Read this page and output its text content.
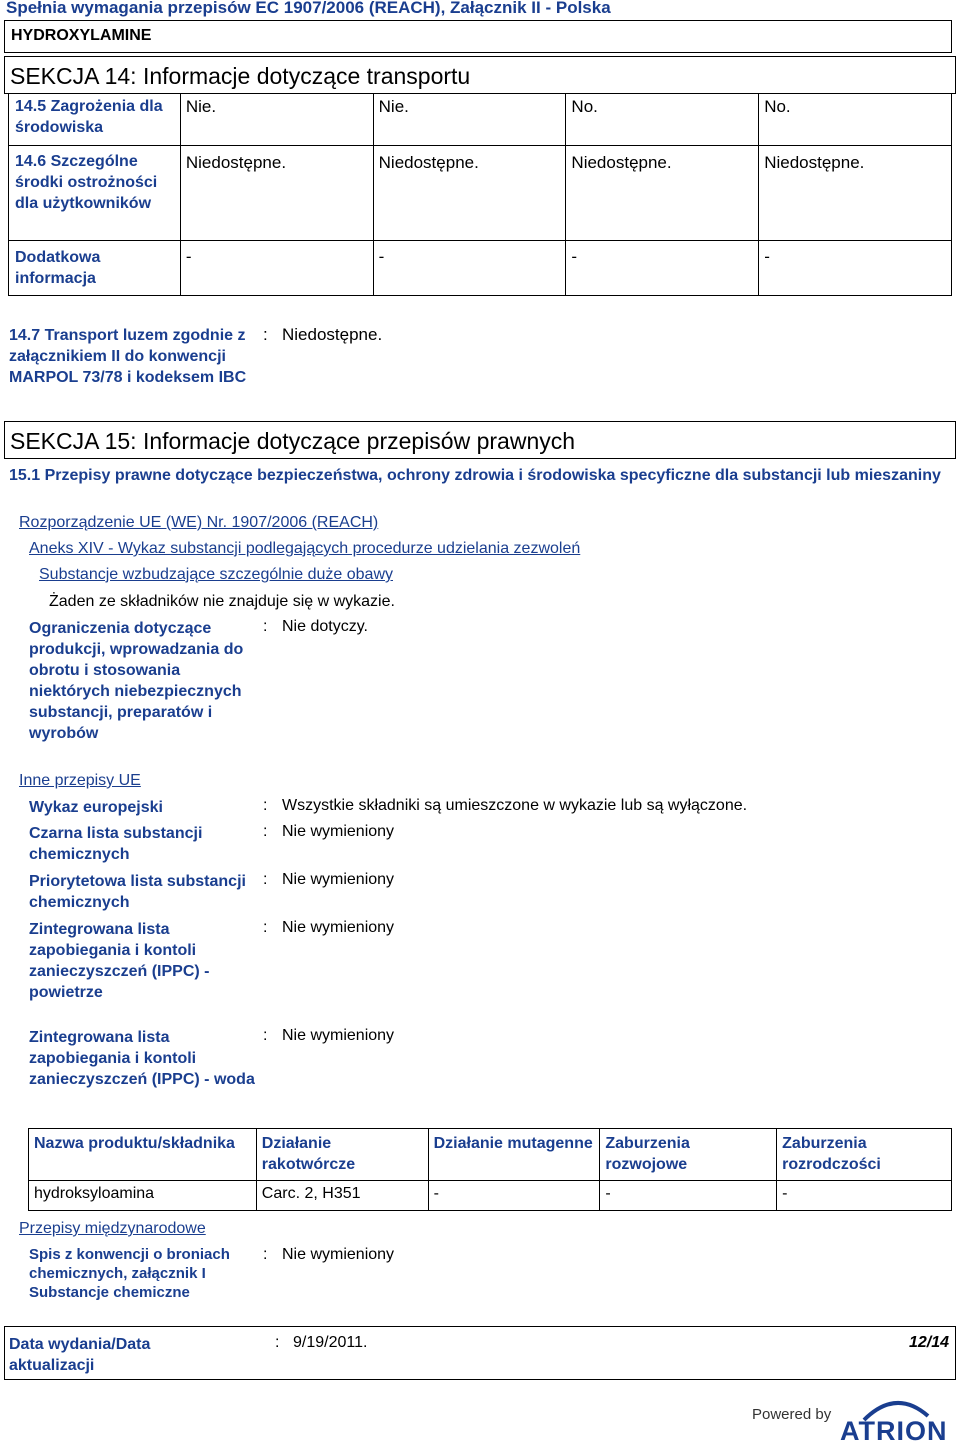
Spełnia wymagania przepisów EC 1907/2006 (REACH), Załącznik II - Polska
HYDROXYLAMINE
SEKCJA 14: Informacje dotyczące transportu
14.5 Zagrożenia dla środowiska	Nie.	Nie.	No.	No.

14.6 Szczególne środki ostrożności dla użytkowników	Niedostępne.	Niedostępne.	Niedostępne.	Niedostępne.

Dodatkowa informacja	-	-	-	-
14.7 Transport luzem zgodnie z załącznikiem II do konwencji MARPOL 73/78 i kodeksem IBC
: Niedostępne.
SEKCJA 15: Informacje dotyczące przepisów prawnych
15.1 Przepisy prawne dotyczące bezpieczeństwa, ochrony zdrowia i środowiska specyficzne dla substancji lub mieszaniny
Rozporządzenie UE (WE) Nr. 1907/2006 (REACH)
Aneks XIV - Wykaz substancji podlegających procedurze udzielania zezwoleń
Substancje wzbudzające szczególnie duże obawy
Żaden ze składników nie znajduje się w wykazie.
Ograniczenia dotyczące produkcji, wprowadzania do obrotu i stosowania niektórych niebezpiecznych substancji, preparatów i wyrobów
: Nie dotyczy.
Inne przepisy UE
Wykaz europejski	: Wszystkie składniki są umieszczone w wykazie lub są wyłączone.
Czarna lista substancji chemicznych
: Nie wymieniony
Priorytetowa lista substancji chemicznych
: Nie wymieniony
Zintegrowana lista zapobiegania i kontoli zanieczyszczeń (IPPC) - powietrze
: Nie wymieniony
Zintegrowana lista zapobiegania i kontoli zanieczyszczeń (IPPC) - woda
: Nie wymieniony
Nazwa produktu/składnika	Działanie rakotwórcze	Działanie mutagenne	Zaburzenia rozwojowe	Zaburzenia rozrodczości

hydroksyloamina	Carc. 2, H351	-	-	-
Przepisy międzynarodowe
Spis z konwencji o broniach chemicznych, załącznik I Substancje chemiczne
: Nie wymieniony
Data wydania/Data aktualizacji
: 9/19/2011.	12/14
Powered by
ATRION
